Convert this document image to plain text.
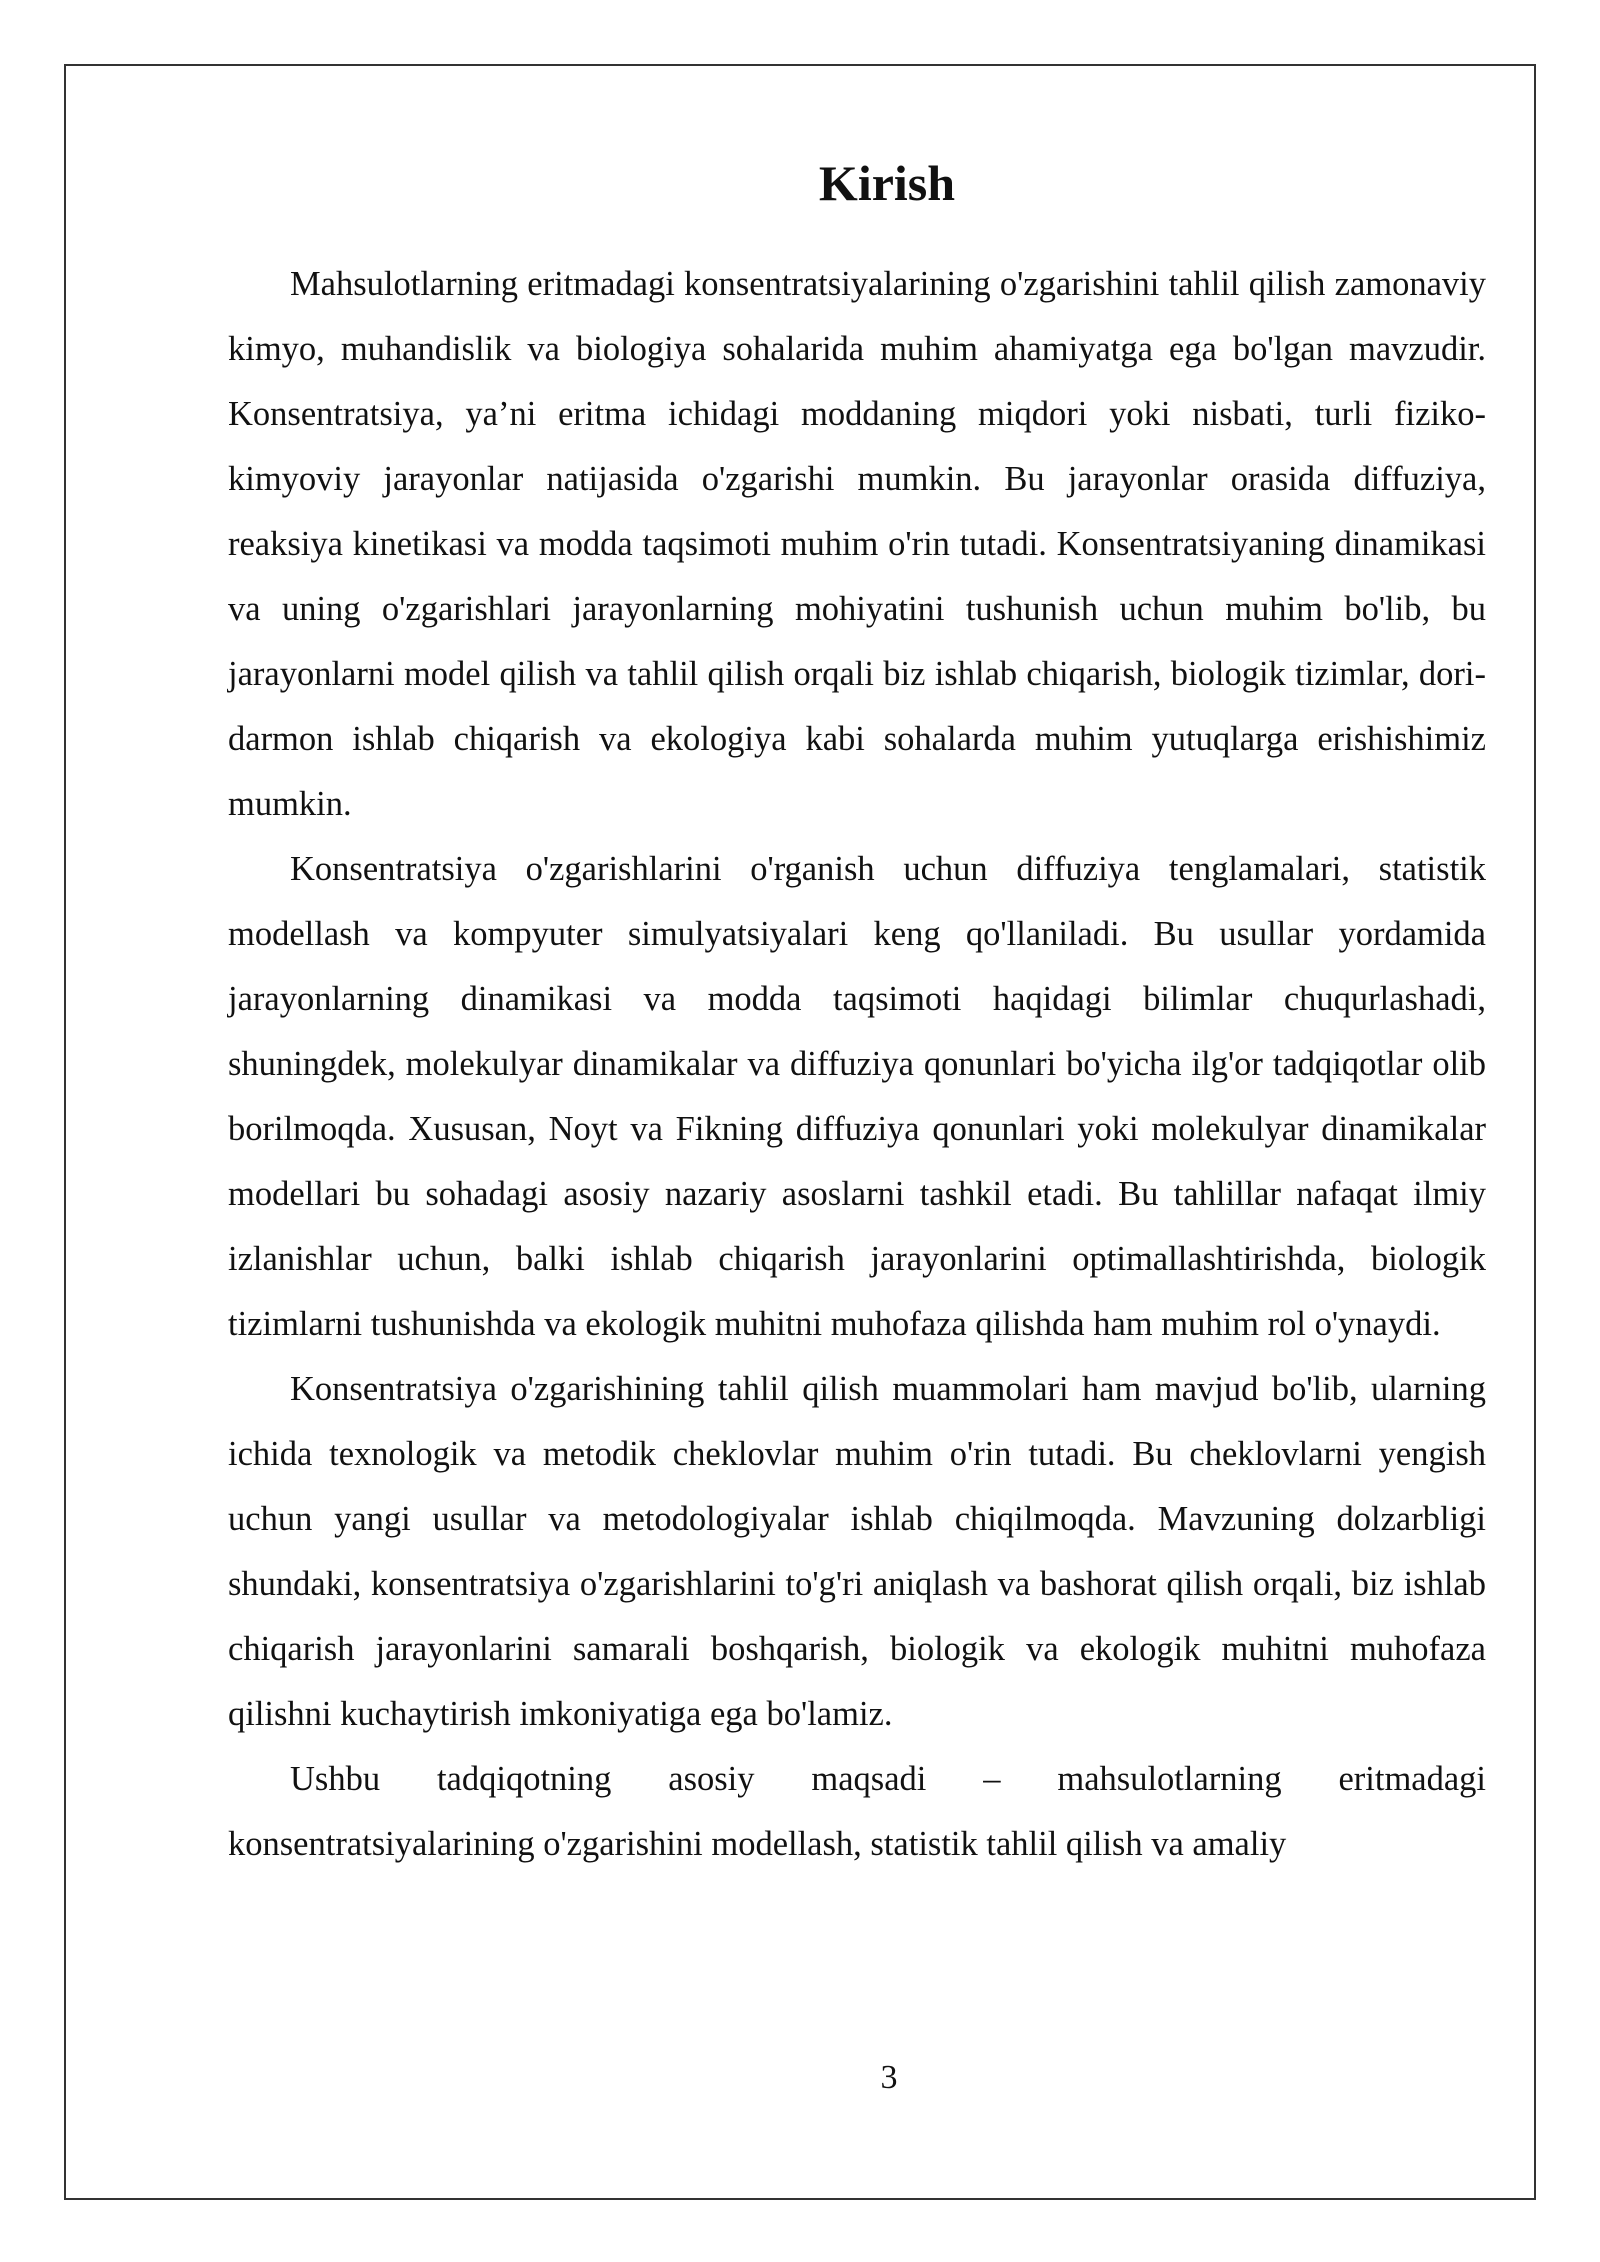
Kirish

Mahsulotlarning eritmadagi konsentratsiyalarining o'zgarishini tahlil qilish zamonaviy kimyo, muhandislik va biologiya sohalarida muhim ahamiyatga ega bo'lgan mavzudir. Konsentratsiya, ya’ni eritma ichidagi moddaning miqdori yoki nisbati, turli fiziko-kimyoviy jarayonlar natijasida o'zgarishi mumkin. Bu jarayonlar orasida diffuziya, reaksiya kinetikasi va modda taqsimoti muhim o'rin tutadi. Konsentratsiyaning dinamikasi va uning o'zgarishlari jarayonlarning mohiyatini tushunish uchun muhim bo'lib, bu jarayonlarni model qilish va tahlil qilish orqali biz ishlab chiqarish, biologik tizimlar, dori-darmon ishlab chiqarish va ekologiya kabi sohalarda muhim yutuqlarga erishishimiz mumkin.

Konsentratsiya o'zgarishlarini o'rganish uchun diffuziya tenglamalari, statistik modellash va kompyuter simulyatsiyalari keng qo'llaniladi. Bu usullar yordamida jarayonlarning dinamikasi va modda taqsimoti haqidagi bilimlar chuqurlashadi, shuningdek, molekulyar dinamikalar va diffuziya qonunlari bo'yicha ilg'or tadqiqotlar olib borilmoqda. Xususan, Noyt va Fikning diffuziya qonunlari yoki molekulyar dinamikalar modellari bu sohadagi asosiy nazariy asoslarni tashkil etadi. Bu tahlillar nafaqat ilmiy izlanishlar uchun, balki ishlab chiqarish jarayonlarini optimallashtirishda, biologik tizimlarni tushunishda va ekologik muhitni muhofaza qilishda ham muhim rol o'ynaydi.

Konsentratsiya o'zgarishining tahlil qilish muammolari ham mavjud bo'lib, ularning ichida texnologik va metodik cheklovlar muhim o'rin tutadi. Bu cheklovlarni yengish uchun yangi usullar va metodologiyalar ishlab chiqilmoqda. Mavzuning dolzarbligi shundaki, konsentratsiya o'zgarishlarini to'g'ri aniqlash va bashorat qilish orqali, biz ishlab chiqarish jarayonlarini samarali boshqarish, biologik va ekologik muhitni muhofaza qilishni kuchaytirish imkoniyatiga ega bo'lamiz.

Ushbu tadqiqotning asosiy maqsadi – mahsulotlarning eritmadagi konsentratsiyalarining o'zgarishini modellash, statistik tahlil qilish va amaliy

3
